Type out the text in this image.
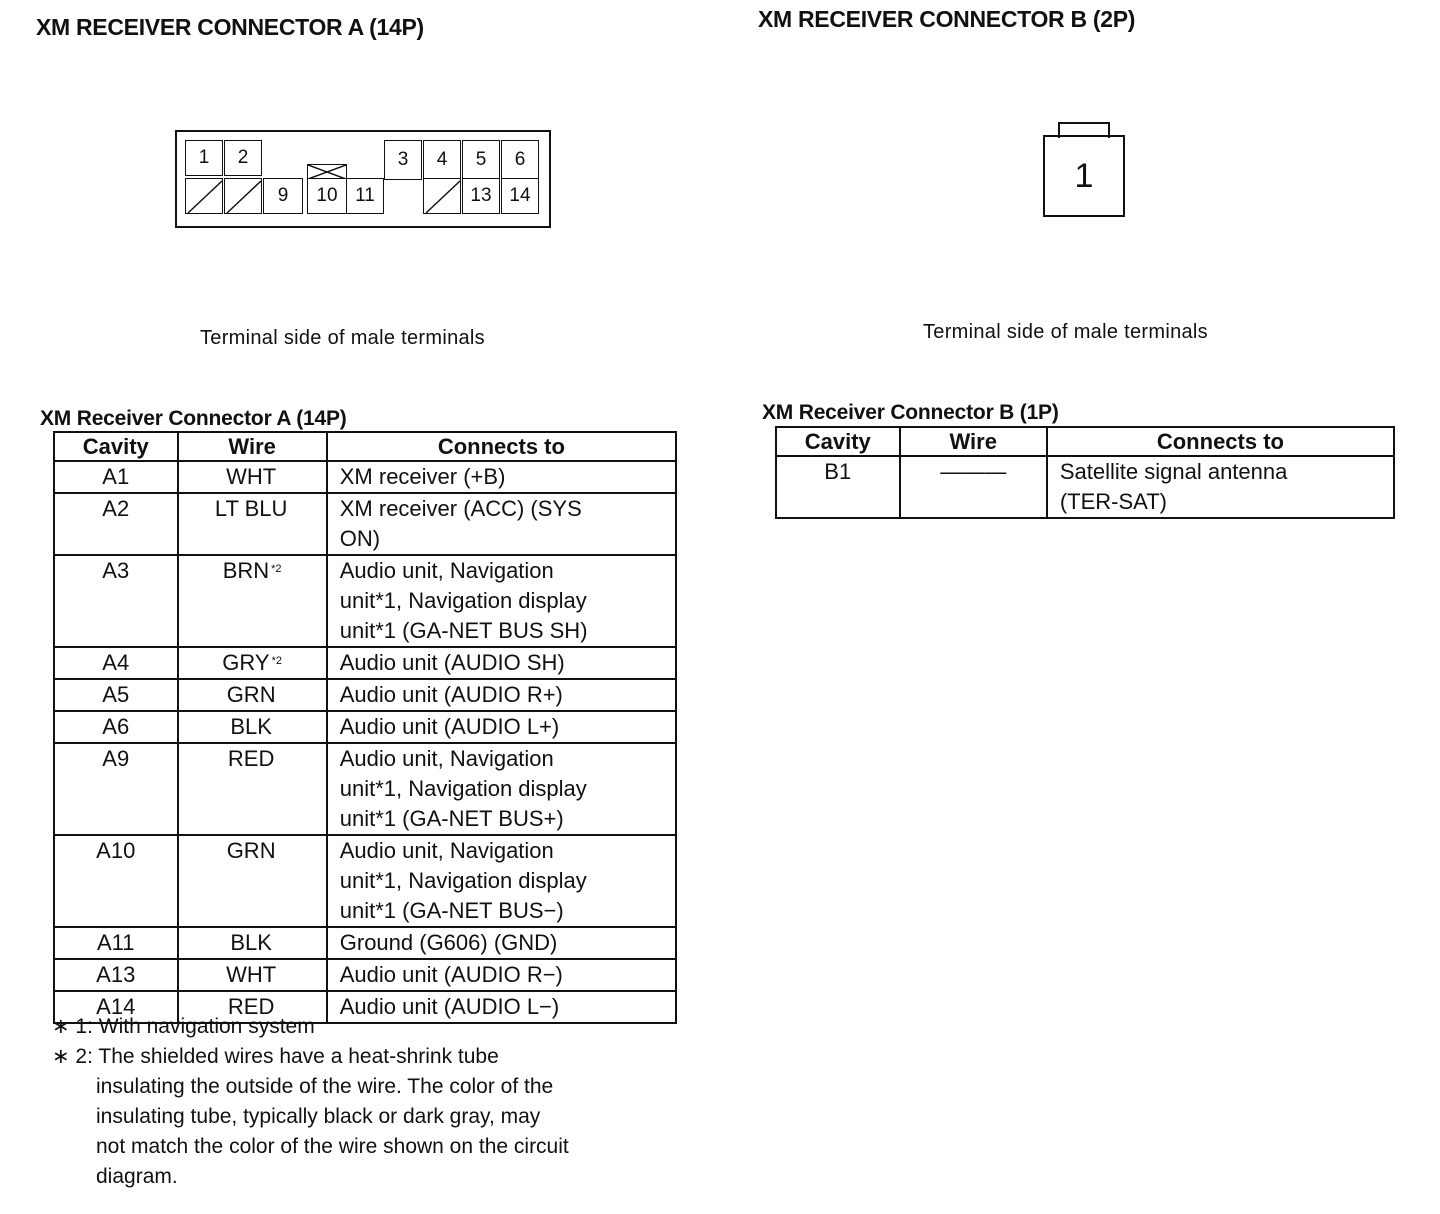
XM RECEIVER CONNECTOR A (14P)	XM RECEIVER CONNECTOR B (2P)
1	2	3	4	5	6
9	10 11	13 14
Terminal side of male terminals
1
Terminal side of male terminals
XM Receiver Connector A (14P)
Cavity	Wire	Connects to
A1	WHT	XM receiver (+B)

A2	LT BLU	XM receiver (ACC) (SYS
ON)

A3	BRN $^{*2}$	Audio unit, Navigation
unit*1, Navigation display
unit*1 (GA-NET BUS SH)

A4	GRY $^{*2}$	Audio unit (AUDIO SH)

A5	GRN	Audio unit (AUDIO R+)

A6	BLK	Audio unit (AUDIO L+)

A9	RED	Audio unit, Navigation
unit*1, Navigation display
unit*1 (GA-NET BUS+)

A10	GRN	Audio unit, Navigation
unit*1, Navigation display
unit*1 (GA-NET BUS−)

A11	BLK	Ground (G606) (GND)

A13	WHT	Audio unit (AUDIO R−)

A14	RED	Audio unit (AUDIO L−)
XM Receiver Connector B (1P)
Cavity	Wire	Connects to
B1	———	Satellite signal antenna
(TER-SAT)
∗ 1: With navigation system
∗ 2: The shielded wires have a heat-shrink tube
insulating the outside of the wire. The color of the
insulating tube, typically black or dark gray, may
not match the color of the wire shown on the circuit
diagram.
